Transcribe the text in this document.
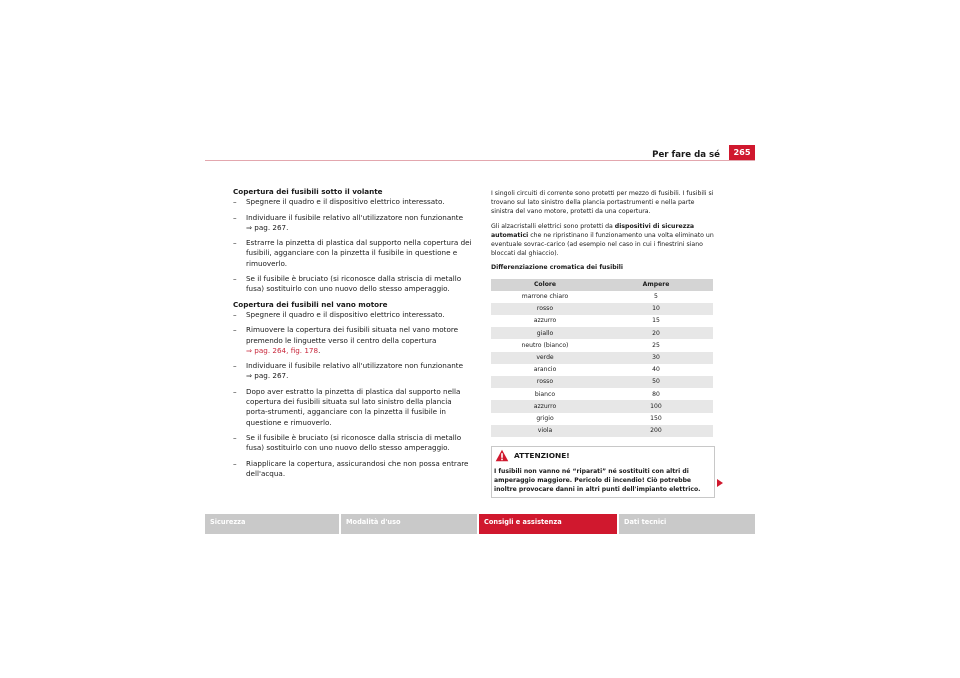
Per fare da sé	265

Copertura dei fusibili sotto il volante

– Spegnere il quadro e il dispositivo elettrico interessato.
– Individuare il fusibile relativo all'utilizzatore non funzionante
⇒ pag. 267.
– Estrarre la pinzetta di plastica dal supporto nella copertura dei fusibili, agganciare con la pinzetta il fusibile in questione e rimuoverlo.
– Se il fusibile è bruciato (si riconosce dalla striscia di metallo fusa) sostituirlo con uno nuovo dello stesso amperaggio.

Copertura dei fusibili nel vano motore

– Spegnere il quadro e il dispositivo elettrico interessato.
– Rimuovere la copertura dei fusibili situata nel vano motore premendo le linguette verso il centro della copertura
⇒ pag. 264, fig. 178.
– Individuare il fusibile relativo all'utilizzatore non funzionante
⇒ pag. 267.
– Dopo aver estratto la pinzetta di plastica dal supporto nella copertura dei fusibili situata sul lato sinistro della plancia porta-strumenti, agganciare con la pinzetta il fusibile in questione e rimuoverlo.
– Se il fusibile è bruciato (si riconosce dalla striscia di metallo fusa) sostituirlo con uno nuovo dello stesso amperaggio.
– Riapplicare la copertura, assicurandosi che non possa entrare dell'acqua.

I singoli circuiti di corrente sono protetti per mezzo di fusibili. I fusibili si trovano sul lato sinistro della plancia portastrumenti e nella parte sinistra del vano motore, protetti da una copertura.

Gli alzacristalli elettrici sono protetti da dispositivi di sicurezza automatici che ne ripristinano il funzionamento una volta eliminato un eventuale sovrac-carico (ad esempio nel caso in cui i finestrini siano bloccati dal ghiaccio).

Differenziazione cromatica dei fusibili

Colore	Ampere
marrone chiaro	5
rosso	10
azzurro	15
giallo	20
neutro (bianco)	25
verde	30
arancio	40
rosso	50
bianco	80
azzurro	100
grigio	150
viola	200
ATTENZIONE!
I fusibili non vanno né “riparati” né sostituiti con altri di amperaggio maggiore. Pericolo di incendio! Ciò potrebbe inoltre provocare danni in altri punti dell'impianto elettrico.
Sicurezza	Modalità d'uso	Consigli e assistenza	Dati tecnici
